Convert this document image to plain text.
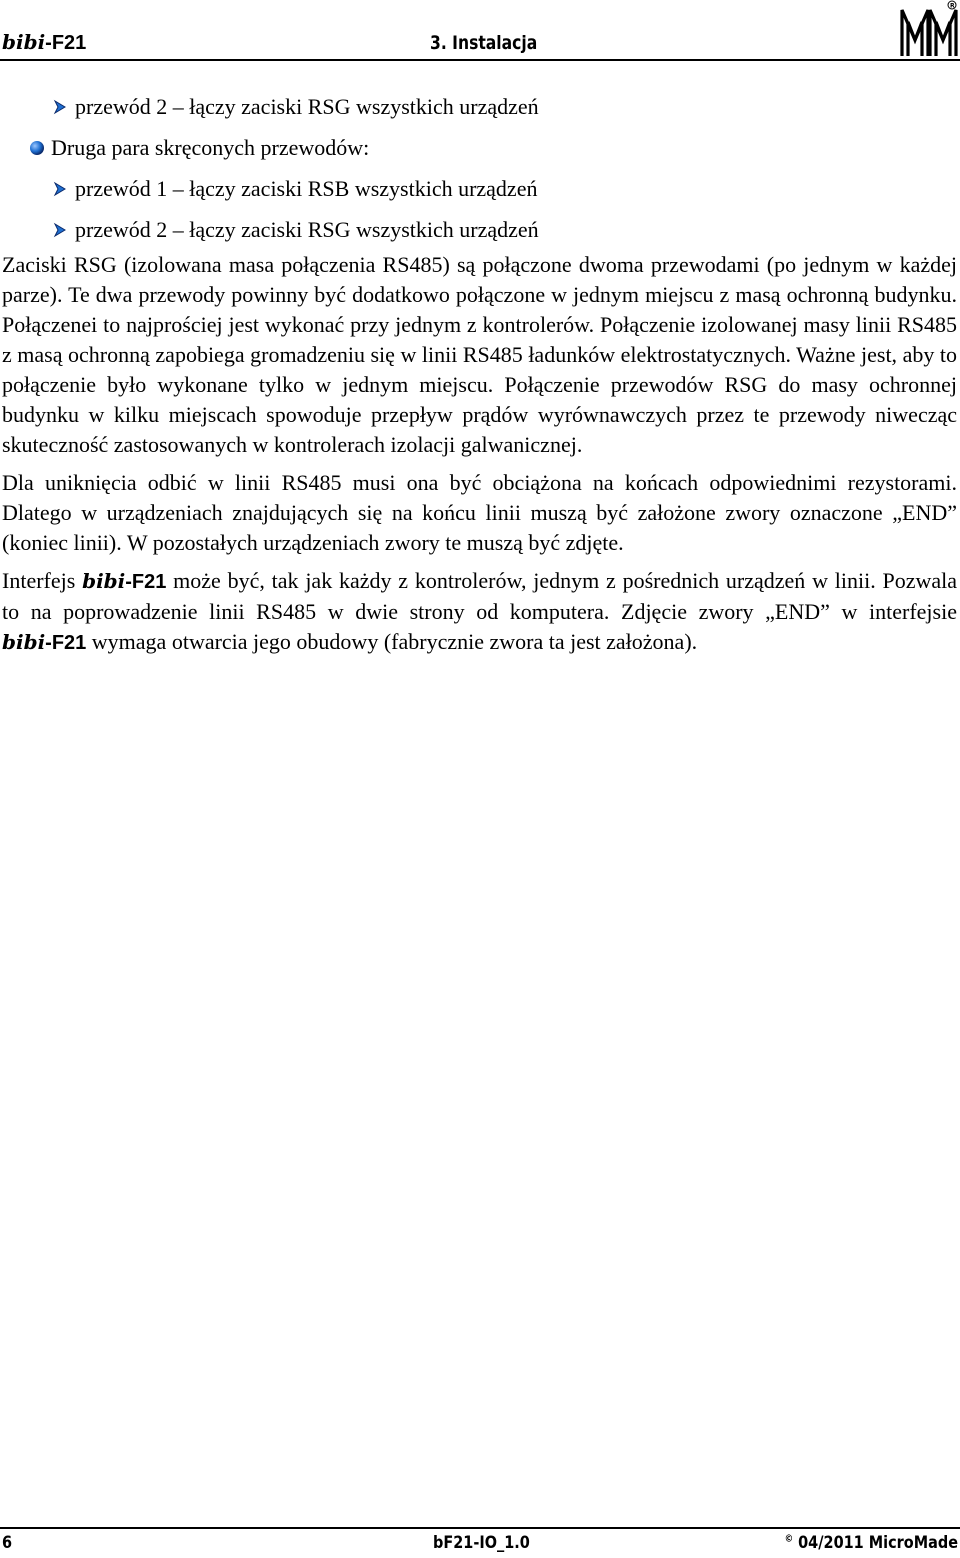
bibi-F21	3. Instalacja
R
przewód 2 – łączy zaciski RSG wszystkich urządzeń
Druga para skręconych przewodów:
przewód 1 – łączy zaciski RSB wszystkich urządzeń
przewód 2 – łączy zaciski RSG wszystkich urządzeń

Zaciski RSG (izolowana masa połączenia RS485) są połączone dwoma przewodami (po jednym w każdej parze). Te dwa przewody powinny być dodatkowo połączone w jednym miejscu z masą ochronną budynku. Połączenei to najprościej jest wykonać przy jednym z kontrolerów. Połączenie izolowanej masy linii RS485 z masą ochronną zapobiega gromadzeniu się w linii RS485 ładunków elektrostatycznych. Ważne jest, aby to połączenie było wykonane tylko w jednym miejscu. Połączenie przewodów RSG do masy ochronnej budynku w kilku miejscach spowoduje przepływ prądów wyrównawczych przez te przewody niwecząc skuteczność zastosowanych w kontrolerach izolacji galwanicznej.

Dla uniknięcia odbić w linii RS485 musi ona być obciążona na końcach odpowiednimi rezystorami. Dlatego w urządzeniach znajdujących się na końcu linii muszą być założone zwory oznaczone „END” (koniec linii). W pozostałych urządzeniach zwory te muszą być zdjęte.

Interfejs bibi-F21 może być, tak jak każdy z kontrolerów, jednym z pośrednich urządzeń w linii. Pozwala to na poprowadzenie linii RS485 w dwie strony od komputera. Zdjęcie zwory „END” w interfejsie bibi-F21 wymaga otwarcia jego obudowy (fabrycznie zwora ta jest założona).

6	bF21-IO_1.0	© 04/2011 MicroMade
